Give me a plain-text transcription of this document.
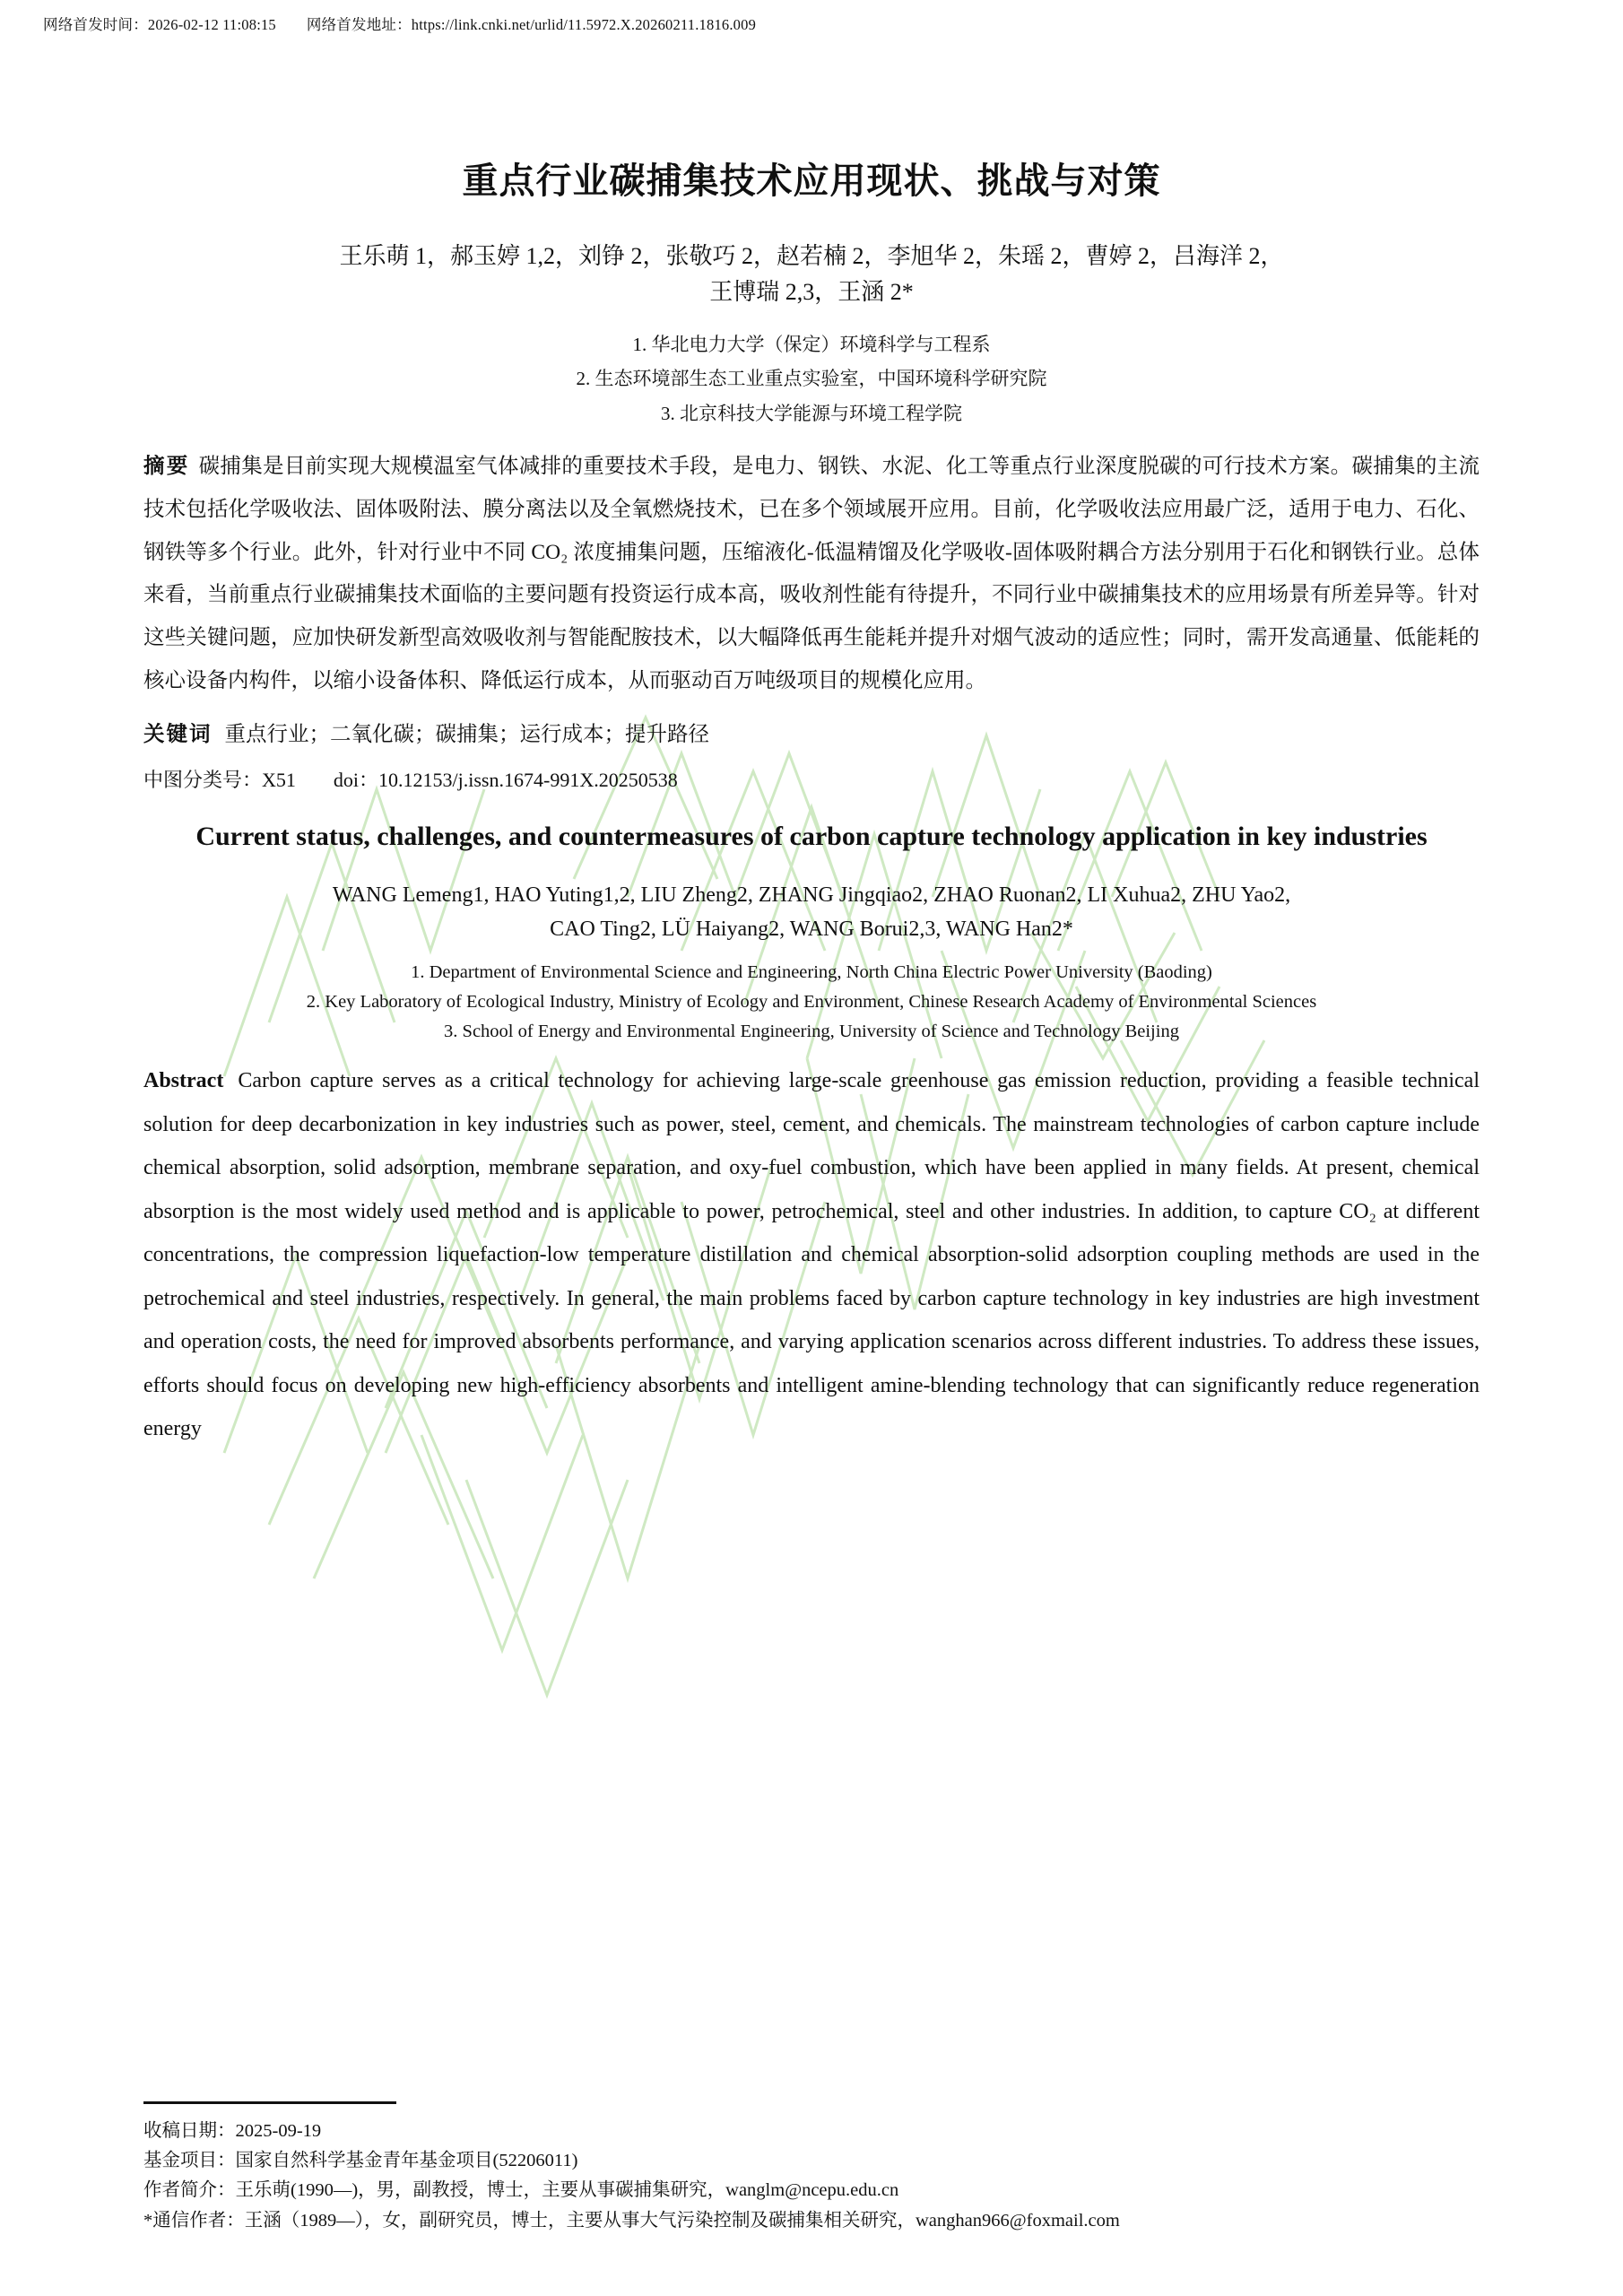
网络首发时间：2026-02-12 11:08:15 网络首发地址：https://link.cnki.net/urlid/11.5972.X.20260211.1816.009
重点行业碳捕集技术应用现状、挑战与对策
王乐萌 1，郝玉婷 1,2，刘铮 2，张敬巧 2，赵若楠 2，李旭华 2，朱瑶 2，曹婷 2，吕海洋 2，
王博瑞 2,3，王涵 2*
1. 华北电力大学（保定）环境科学与工程系
2. 生态环境部生态工业重点实验室，中国环境科学研究院
3. 北京科技大学能源与环境工程学院
摘要 碳捕集是目前实现大规模温室气体减排的重要技术手段，是电力、钢铁、水泥、化工等重点行业深度脱碳的可行技术方案。碳捕集的主流技术包括化学吸收法、固体吸附法、膜分离法以及全氧燃烧技术，已在多个领域展开应用。目前，化学吸收法应用最广泛，适用于电力、石化、钢铁等多个行业。此外，针对行业中不同 CO₂ 浓度捕集问题，压缩液化-低温精馏及化学吸收-固体吸附耦合方法分别用于石化和钢铁行业。总体来看，当前重点行业碳捕集技术面临的主要问题有投资运行成本高，吸收剂性能有待提升，不同行业中碳捕集技术的应用场景有所差异等。针对这些关键问题，应加快研发新型高效吸收剂与智能配胺技术，以大幅降低再生能耗并提升对烟气波动的适应性；同时，需开发高通量、低能耗的核心设备内构件，以缩小设备体积、降低运行成本，从而驱动百万吨级项目的规模化应用。
关键词 重点行业；二氧化碳；碳捕集；运行成本；提升路径
中图分类号：X51 doi：10.12153/j.issn.1674-991X.20250538
Current status, challenges, and countermeasures of carbon capture technology application in key industries
WANG Lemeng1, HAO Yuting1,2, LIU Zheng2, ZHANG Jingqiao2, ZHAO Ruonan2, LI Xuhua2, ZHU Yao2,
CAO Ting2, LÜ Haiyang2, WANG Borui2,3, WANG Han2*
1. Department of Environmental Science and Engineering, North China Electric Power University (Baoding)
2. Key Laboratory of Ecological Industry, Ministry of Ecology and Environment, Chinese Research Academy of Environmental Sciences
3. School of Energy and Environmental Engineering, University of Science and Technology Beijing
Abstract Carbon capture serves as a critical technology for achieving large-scale greenhouse gas emission reduction, providing a feasible technical solution for deep decarbonization in key industries such as power, steel, cement, and chemicals. The mainstream technologies of carbon capture include chemical absorption, solid adsorption, membrane separation, and oxy-fuel combustion, which have been applied in many fields. At present, chemical absorption is the most widely used method and is applicable to power, petrochemical, steel and other industries. In addition, to capture CO₂ at different concentrations, the compression liquefaction-low temperature distillation and chemical absorption-solid adsorption coupling methods are used in the petrochemical and steel industries, respectively. In general, the main problems faced by carbon capture technology in key industries are high investment and operation costs, the need for improved absorbents performance, and varying application scenarios across different industries. To address these issues, efforts should focus on developing new high-efficiency absorbents and intelligent amine-blending technology that can significantly reduce regeneration energy
收稿日期：2025-09-19
基金项目：国家自然科学基金青年基金项目(52206011)
作者简介：王乐萌(1990—)，男，副教授，博士，主要从事碳捕集研究，wanglm@ncepu.edu.cn
*通信作者：王涵（1989—），女，副研究员，博士，主要从事大气污染控制及碳捕集相关研究，wanghan966@foxmail.com
